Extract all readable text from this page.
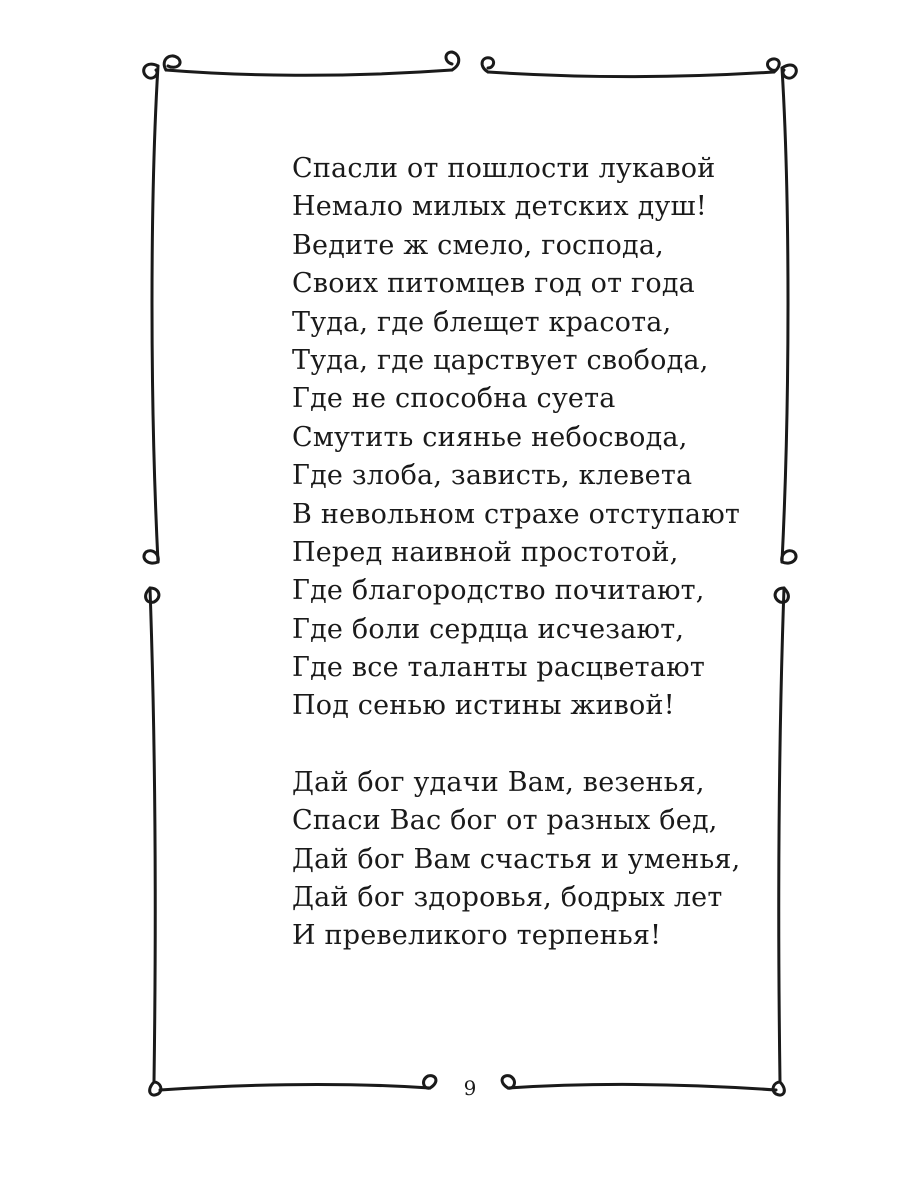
Спасли от пошлости лукавой
Немало милых детских душ!
Ведите ж смело, господа,
Своих питомцев год от года
Туда, где блещет красота,
Туда, где царствует свобода,
Где не способна суета
Смутить сиянье небосвода,
Где злоба, зависть, клевета
В невольном страхе отступают
Перед наивной простотой,
Где благородство почитают,
Где боли сердца исчезают,
Где все таланты расцветают
Под сенью истины живой!
Дай бог удачи Вам, везенья,
Спаси Вас бог от разных бед,
Дай бог Вам счастья и уменья,
Дай бог здоровья, бодрых лет
И превеликого терпенья!
9
